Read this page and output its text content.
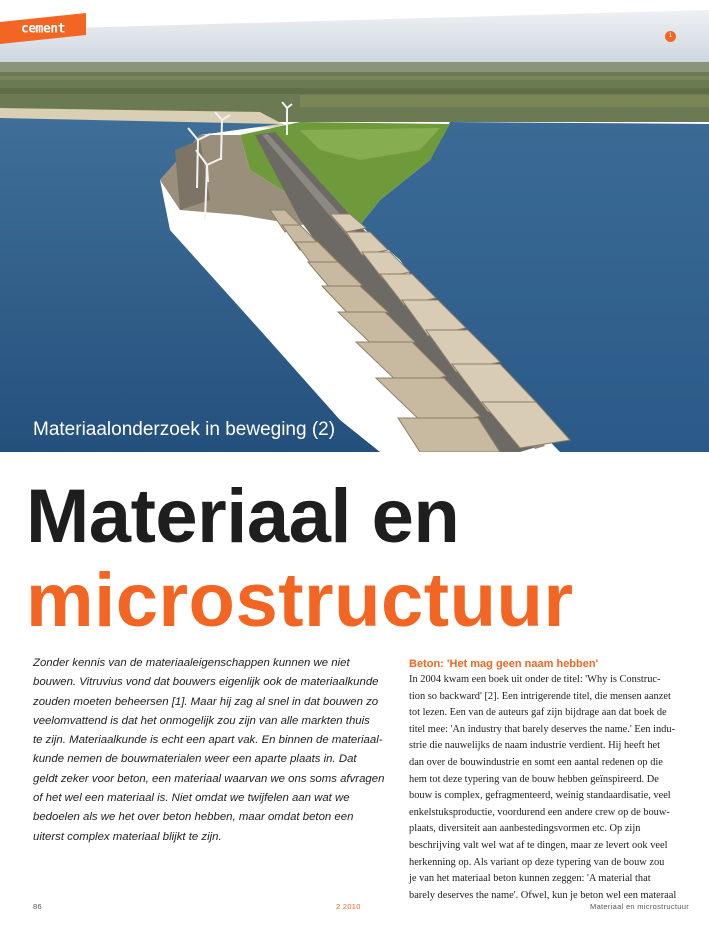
cement
1
Materiaalonderzoek in beweging (2)
Materiaal en
microstructuur
Zonder kennis van de materiaaleigenschappen kunnen we niet
bouwen. Vitruvius vond dat bouwers eigenlijk ook de materiaalkunde
zouden moeten beheersen [1]. Maar hij zag al snel in dat bouwen zo
veelomvattend is dat het onmogelijk zou zijn van alle markten thuis
te zijn. Materiaalkunde is echt een apart vak. En binnen de materiaal-
kunde nemen de bouwmaterialen weer een aparte plaats in. Dat
geldt zeker voor beton, een materiaal waarvan we ons soms afvragen
of het wel een materiaal is. Niet omdat we twijfelen aan wat we
bedoelen als we het over beton hebben, maar omdat beton een
uiterst complex materiaal blijkt te zijn.
Beton: 'Het mag geen naam hebben'
In 2004 kwam een boek uit onder de titel: 'Why is Construc-
tion so backward' [2]. Een intrigerende titel, die mensen aanzet
tot lezen. Een van de auteurs gaf zijn bijdrage aan dat boek de
titel mee: 'An industry that barely deserves the name.' Een indu-
strie die nauwelijks de naam industrie verdient. Hij heeft het
dan over de bouwindustrie en somt een aantal redenen op die
hem tot deze typering van de bouw hebben geïnspireerd. De
bouw is complex, gefragmenteerd, weinig standaardisatie, veel
enkelstuksproductie, voordurend een andere crew op de bouw-
plaats, diversiteit aan aanbestedingsvormen etc. Op zijn
beschrijving valt wel wat af te dingen, maar ze levert ook veel
herkenning op. Als variant op deze typering van de bouw zou
je van het materiaal beton kunnen zeggen: 'A material that
barely deserves the name'. Ofwel, kun je beton wel een materaal
86	2 2010	Materiaal en microstructuur
